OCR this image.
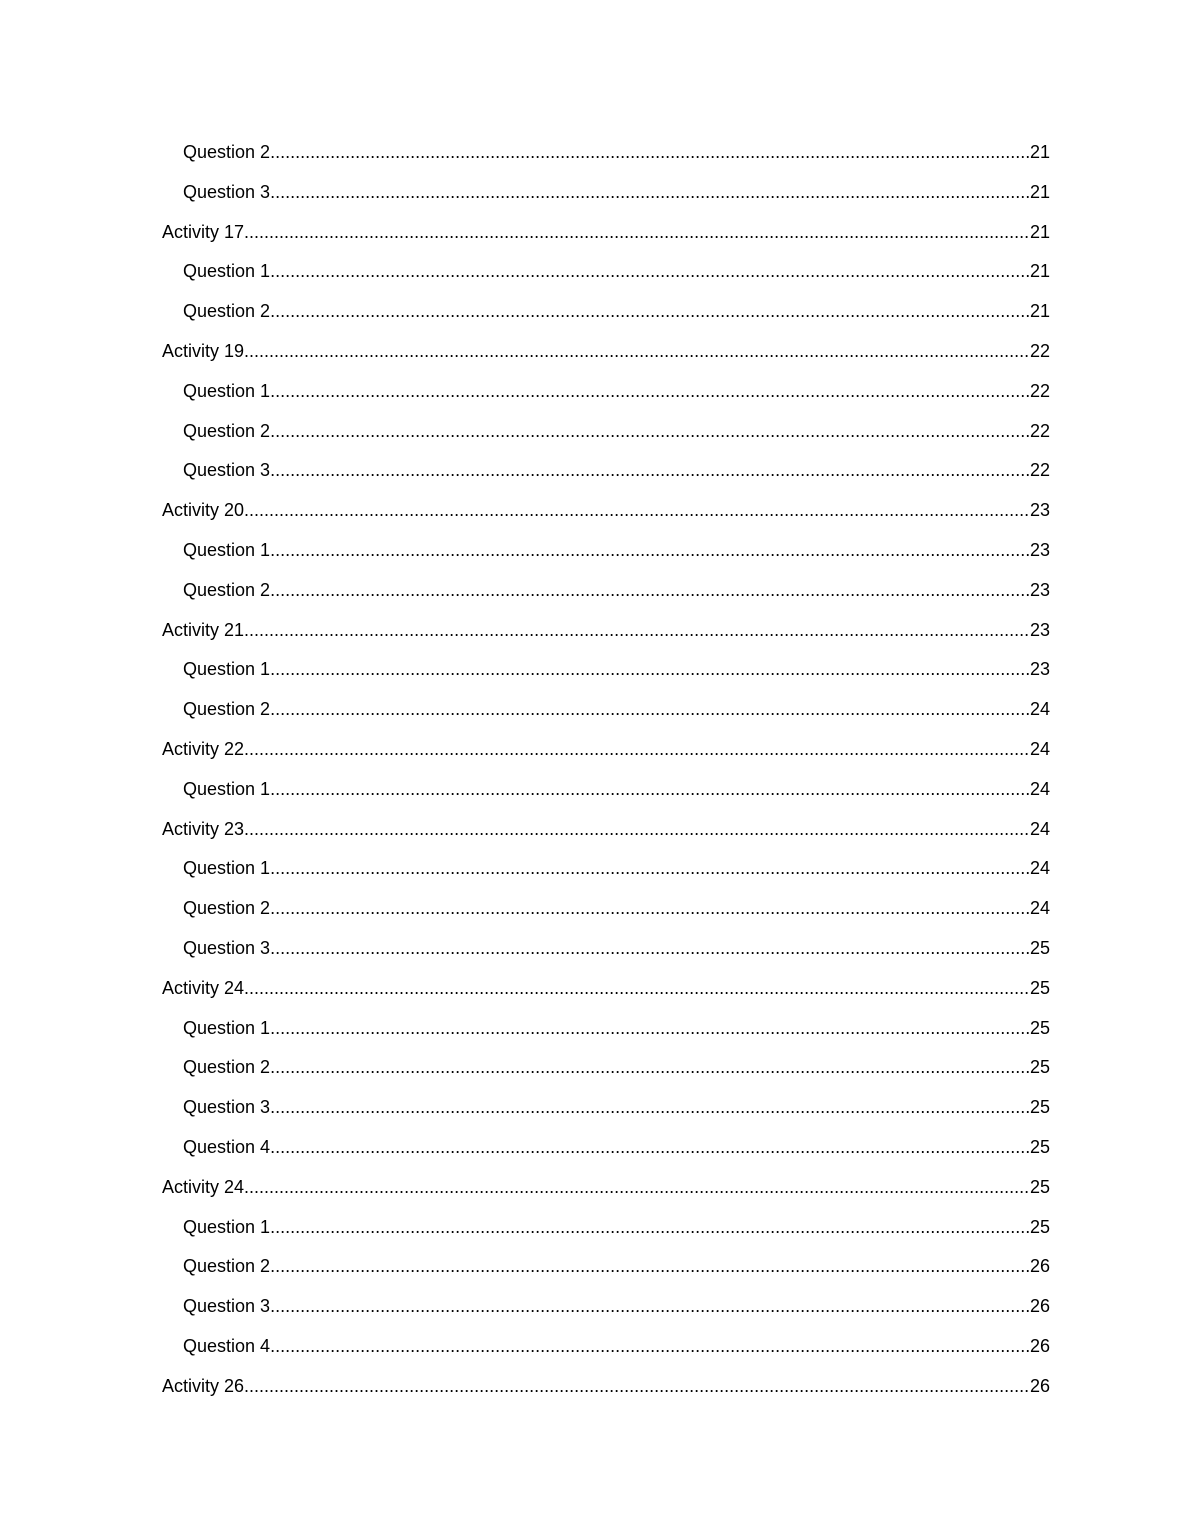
Question 2 .....	21
Question 3 .....	21
Activity 17 .....	21
Question 1 .....	21
Question 2 .....	21
Activity 19 .....	22
Question 1 .....	22
Question 2 .....	22
Question 3 .....	22
Activity 20 .....	23
Question 1 .....	23
Question 2 .....	23
Activity 21 .....	23
Question 1 .....	23
Question 2 .....	24
Activity 22 .....	24
Question 1 .....	24
Activity 23 .....	24
Question 1 .....	24
Question 2 .....	24
Question 3 .....	25
Activity 24 .....	25
Question 1 .....	25
Question 2 .....	25
Question 3 .....	25
Question 4 .....	25
Activity 24 .....	25
Question 1 .....	25
Question 2 .....	26
Question 3 .....	26
Question 4 .....	26
Activity 26 .....	26
